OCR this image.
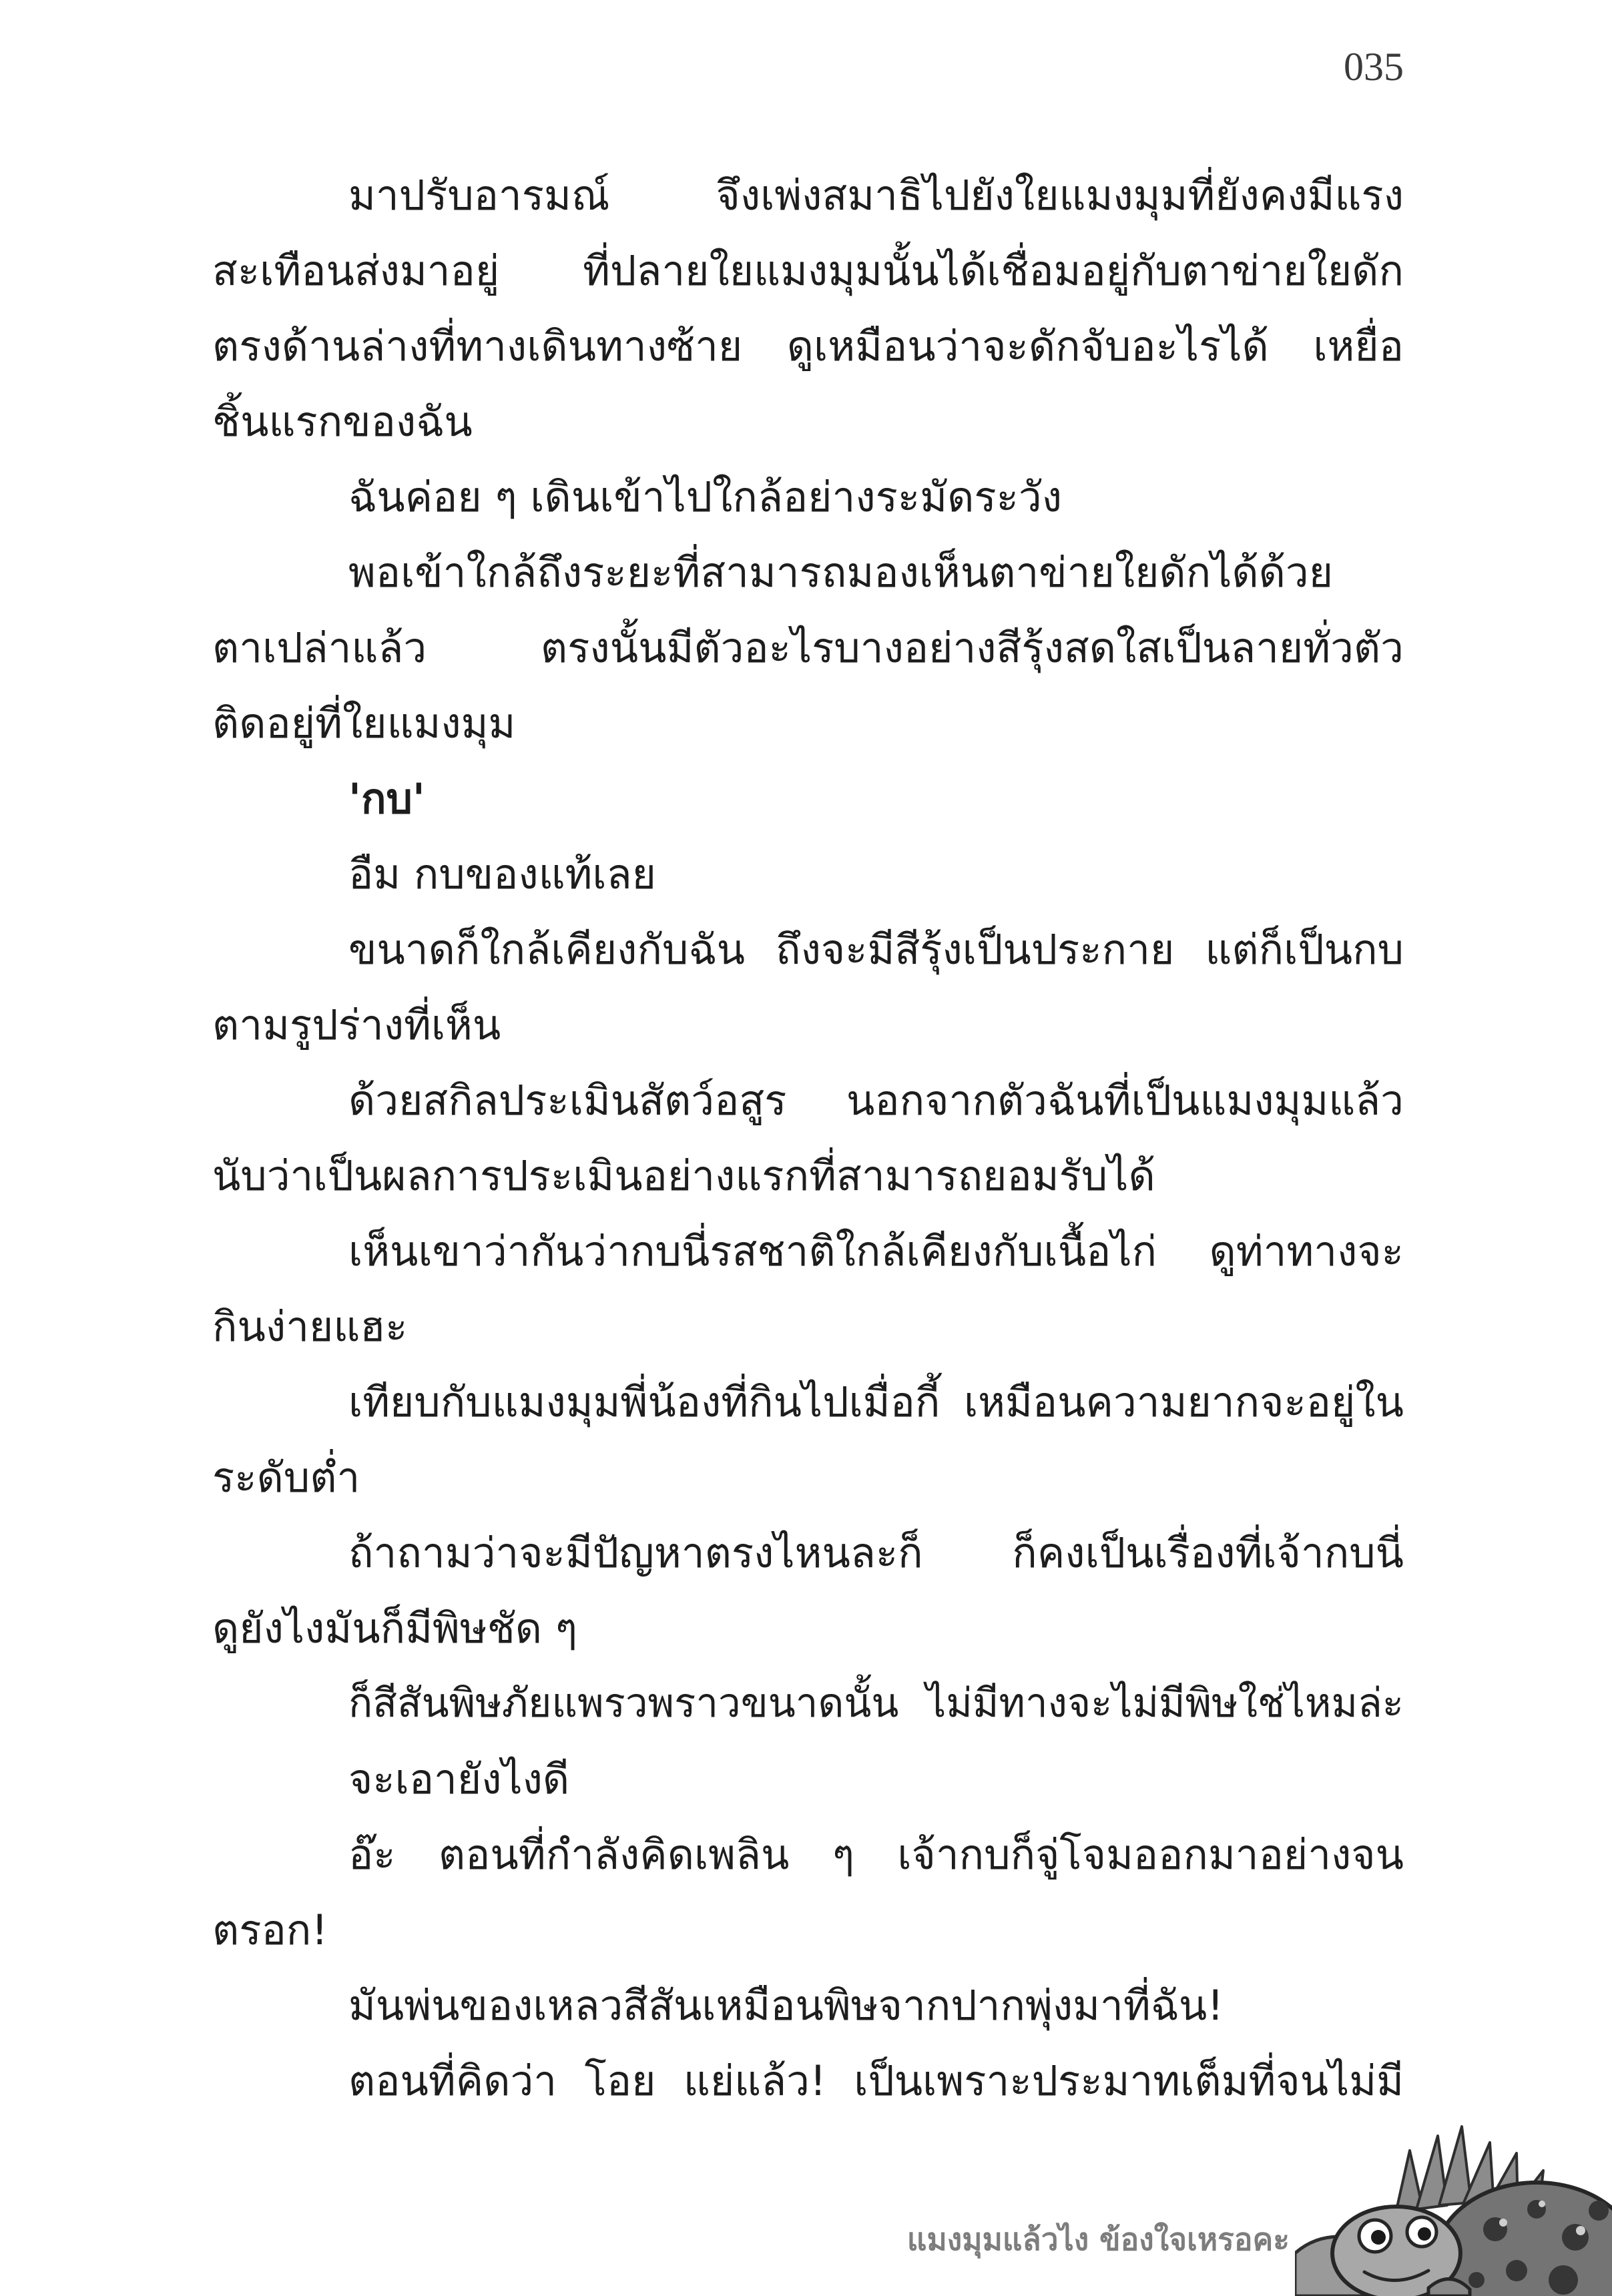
035
มาปรับอารมณ์ จึงเพ่งสมาธิไปยังใยแมงมุมที่ยังคงมีแรง
สะเทือนส่งมาอยู่ ที่ปลายใยแมงมุมนั้นได้เชื่อมอยู่กับตาข่ายใยดัก
ตรงด้านล่างที่ทางเดินทางซ้าย ดูเหมือนว่าจะดักจับอะไรได้ เหยื่อ
ชิ้นแรกของฉัน
ฉันค่อย ๆ เดินเข้าไปใกล้อย่างระมัดระวัง
พอเข้าใกล้ถึงระยะที่สามารถมองเห็นตาข่ายใยดักได้ด้วย
ตาเปล่าแล้ว ตรงนั้นมีตัวอะไรบางอย่างสีรุ้งสดใสเป็นลายทั่วตัว
ติดอยู่ที่ใยแมงมุม
'กบ'
อืม กบของแท้เลย
ขนาดก็ใกล้เคียงกับฉัน ถึงจะมีสีรุ้งเป็นประกาย แต่ก็เป็นกบ
ตามรูปร่างที่เห็น
ด้วยสกิลประเมินสัตว์อสูร นอกจากตัวฉันที่เป็นแมงมุมแล้ว
นับว่าเป็นผลการประเมินอย่างแรกที่สามารถยอมรับได้
เห็นเขาว่ากันว่ากบนี่รสชาติใกล้เคียงกับเนื้อไก่ ดูท่าทางจะ
กินง่ายแฮะ
เทียบกับแมงมุมพี่น้องที่กินไปเมื่อกี้ เหมือนความยากจะอยู่ใน
ระดับต่ำ
ถ้าถามว่าจะมีปัญหาตรงไหนละก็ ก็คงเป็นเรื่องที่เจ้ากบนี่
ดูยังไงมันก็มีพิษชัด ๆ
ก็สีสันพิษภัยแพรวพราวขนาดนั้น ไม่มีทางจะไม่มีพิษใช่ไหมล่ะ
จะเอายังไงดี
อ๊ะ ตอนที่กำลังคิดเพลิน ๆ เจ้ากบก็จู่โจมออกมาอย่างจน
ตรอก!
มันพ่นของเหลวสีสันเหมือนพิษจากปากพุ่งมาที่ฉัน!
ตอนที่คิดว่า โอย แย่แล้ว! เป็นเพราะประมาทเต็มที่จนไม่มี
แมงมุมแล้วไง ข้องใจเหรอคะ
